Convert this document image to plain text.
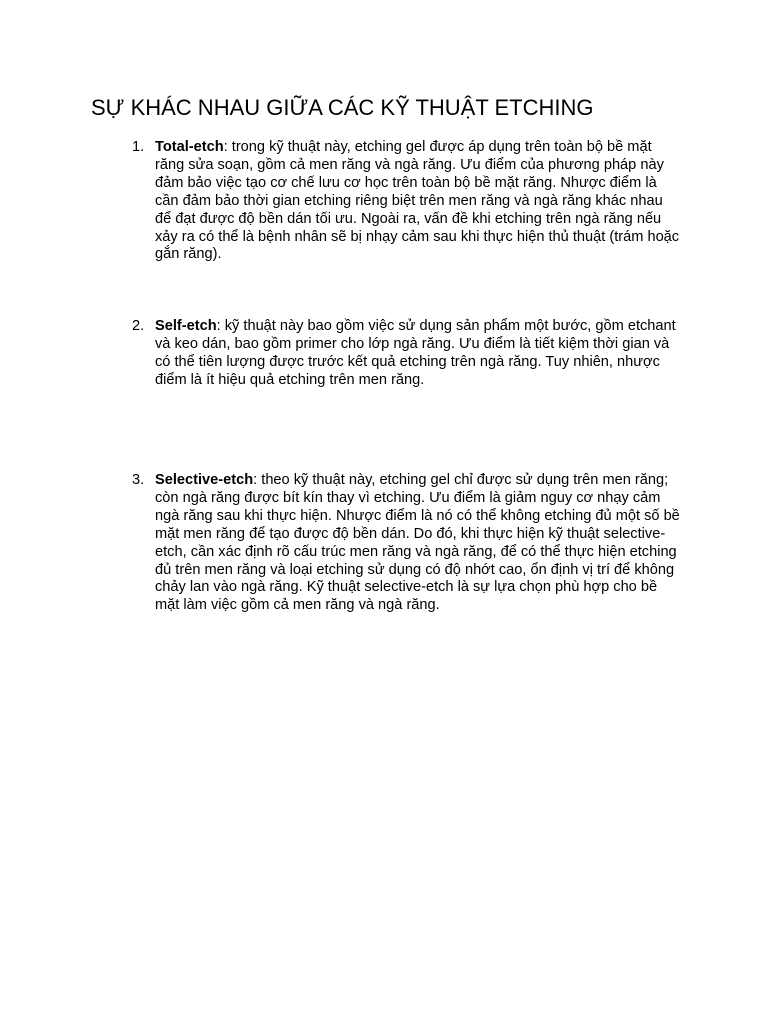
SỰ KHÁC NHAU GIỮA CÁC KỸ THUẬT ETCHING
1. Total-etch: trong kỹ thuật này, etching gel được áp dụng trên toàn bộ bề mặt răng sửa soạn, gồm cả men răng và ngà răng. Ưu điểm của phương pháp này đảm bảo việc tạo cơ chế lưu cơ học trên toàn bộ bề mặt răng. Nhược điểm là cần đảm bảo thời gian etching riêng biệt trên men răng và ngà răng khác nhau để đạt được độ bền dán tối ưu. Ngoài ra, vấn đề khi etching trên ngà răng nếu xảy ra có thể là bệnh nhân sẽ bị nhạy cảm sau khi thực hiện thủ thuật (trám hoặc gắn răng).
2. Self-etch: kỹ thuật này bao gồm việc sử dụng sản phẩm một bước, gồm etchant và keo dán, bao gồm primer cho lớp ngà răng. Ưu điểm là tiết kiệm thời gian và có thể tiên lượng được trước kết quả etching trên ngà răng. Tuy nhiên, nhược điểm là ít hiệu quả etching trên men răng.
3. Selective-etch: theo kỹ thuật này, etching gel chỉ được sử dụng trên men răng; còn ngà răng được bít kín thay vì etching. Ưu điểm là giảm nguy cơ nhạy cảm ngà răng sau khi thực hiện. Nhược điểm là nó có thể không etching đủ một số bề mặt men răng để tạo được độ bền dán. Do đó, khi thực hiện kỹ thuật selective-etch, cần xác định rõ cấu trúc men răng và ngà răng, để có thể thực hiện etching đủ trên men răng và loại etching sử dụng có độ nhớt cao, ổn định vị trí để không chảy lan vào ngà răng. Kỹ thuật selective-etch là sự lựa chọn phù hợp cho bề mặt làm việc gồm cả men răng và ngà răng.
